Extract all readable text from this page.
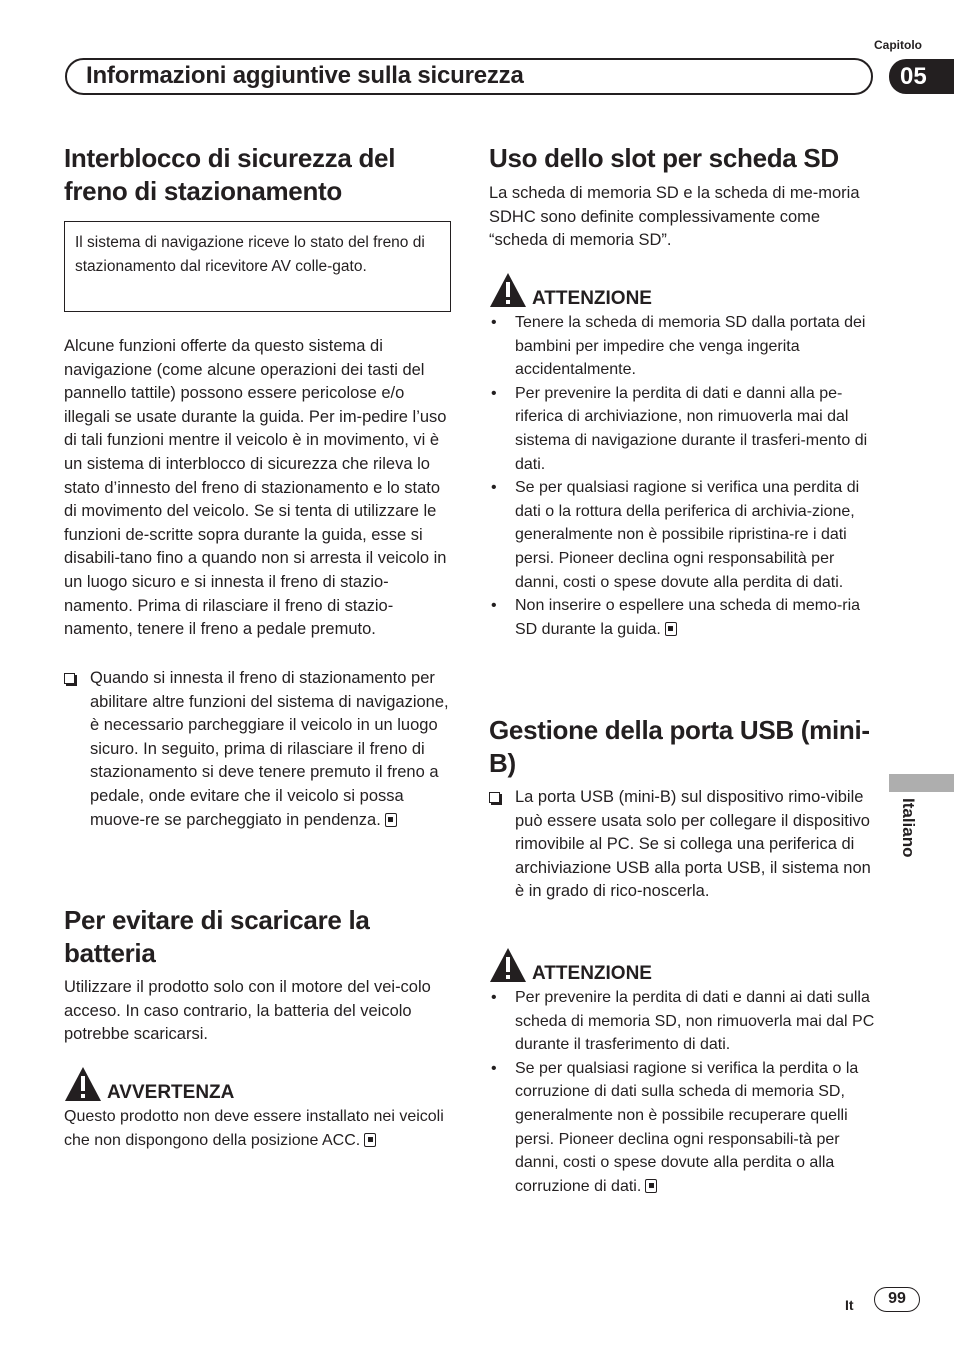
Capitolo
Informazioni aggiuntive sulla sicurezza	05
Interblocco di sicurezza del freno di stazionamento
Il sistema di navigazione riceve lo stato del freno di stazionamento dal ricevitore AV colle-gato.
Alcune funzioni offerte da questo sistema di navigazione (come alcune operazioni dei tasti del pannello tattile) possono essere pericolose e/o illegali se usate durante la guida. Per im-pedire l’uso di tali funzioni mentre il veicolo è in movimento, vi è un sistema di interblocco di sicurezza che rileva lo stato d’innesto del freno di stazionamento e lo stato di movimento del veicolo. Se si tenta di utilizzare le funzioni de-scritte sopra durante la guida, esse si disabili-tano fino a quando non si arresta il veicolo in un luogo sicuro e si innesta il freno di stazio-namento. Prima di rilasciare il freno di stazio-namento, tenere il freno a pedale premuto.
Quando si innesta il freno di stazionamento per abilitare altre funzioni del sistema di navigazione, è necessario parcheggiare il veicolo in un luogo sicuro. In seguito, prima di rilasciare il freno di stazionamento si deve tenere premuto il freno a pedale, onde evitare che il veicolo si possa muove-re se parcheggiato in pendenza.
Per evitare di scaricare la batteria
Utilizzare il prodotto solo con il motore del vei-colo acceso. In caso contrario, la batteria del veicolo potrebbe scaricarsi.
AVVERTENZA
Questo prodotto non deve essere installato nei veicoli che non dispongono della posizione ACC.
Uso dello slot per scheda SD
La scheda di memoria SD e la scheda di me-moria SDHC sono definite complessivamente come “scheda di memoria SD”.
ATTENZIONE
• Tenere la scheda di memoria SD dalla portata dei bambini per impedire che venga ingerita accidentalmente.
• Per prevenire la perdita di dati e danni alla pe-riferica di archiviazione, non rimuoverla mai dal sistema di navigazione durante il trasferi-mento di dati.
• Se per qualsiasi ragione si verifica una perdita di dati o la rottura della periferica di archivia-zione, generalmente non è possibile ripristina-re i dati persi. Pioneer declina ogni responsabilità per danni, costi o spese dovute alla perdita di dati.
• Non inserire o espellere una scheda di memo-ria SD durante la guida.
Gestione della porta USB (mini-B)
La porta USB (mini-B) sul dispositivo rimo-vibile può essere usata solo per collegare il dispositivo rimovibile al PC. Se si collega una periferica di archiviazione USB alla porta USB, il sistema non è in grado di rico-noscerla.
ATTENZIONE
• Per prevenire la perdita di dati e danni ai dati sulla scheda di memoria SD, non rimuoverla mai dal PC durante il trasferimento di dati.
• Se per qualsiasi ragione si verifica la perdita o la corruzione di dati sulla scheda di memoria SD, generalmente non è possibile recuperare quelli persi. Pioneer declina ogni responsabili-tà per danni, costi o spese dovute alla perdita o alla corruzione di dati.
Italiano
It	99
